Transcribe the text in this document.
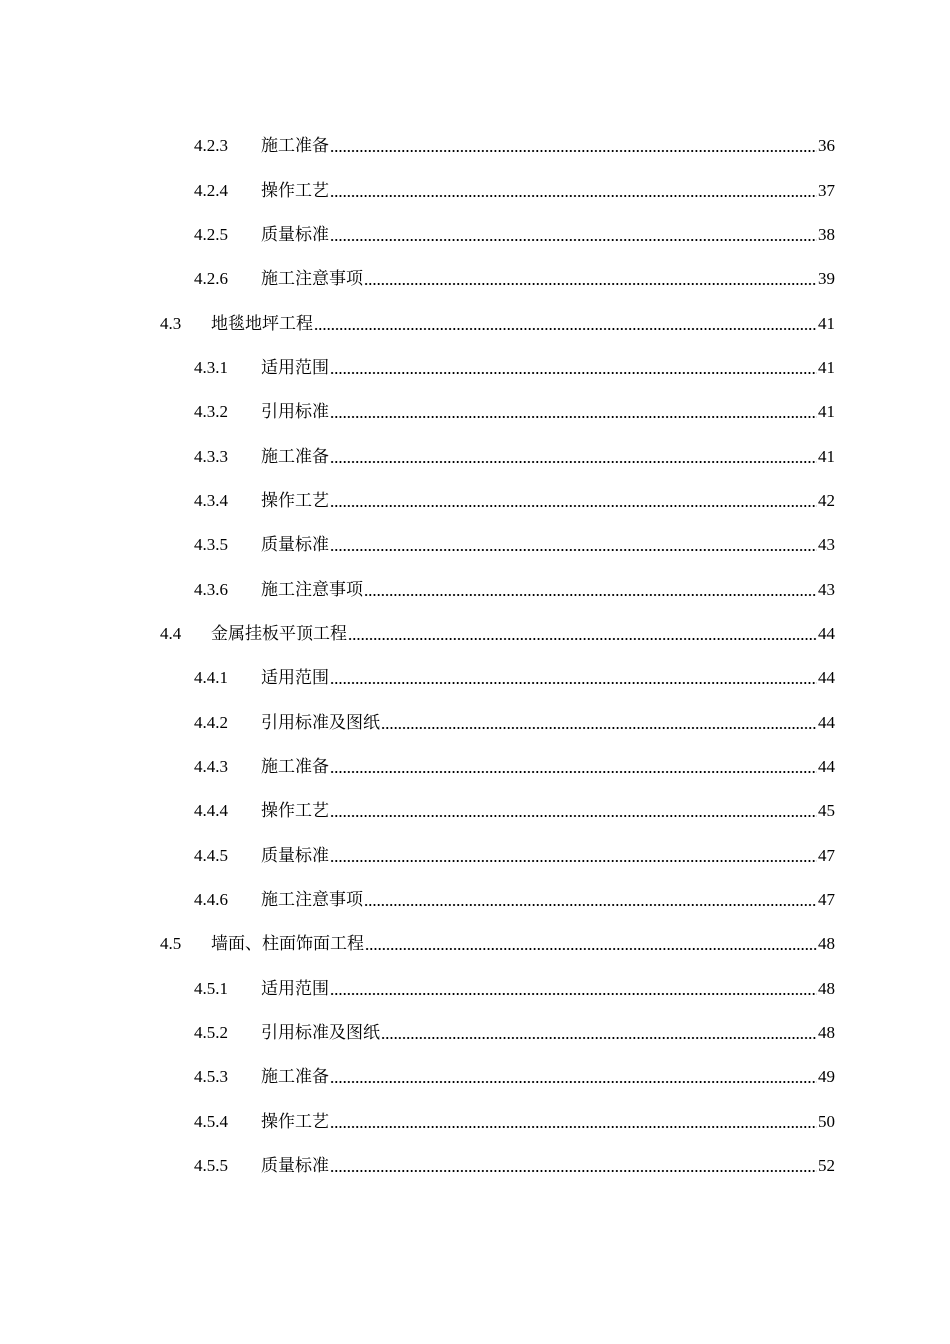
4.2.3	施工准备	36
4.2.4	操作工艺	37
4.2.5	质量标准	38
4.2.6	施工注意事项	39
4.3	地毯地坪工程	41
4.3.1	适用范围	41
4.3.2	引用标准	41
4.3.3	施工准备	41
4.3.4	操作工艺	42
4.3.5	质量标准	43
4.3.6	施工注意事项	43
4.4	金属挂板平顶工程	44
4.4.1	适用范围	44
4.4.2	引用标准及图纸	44
4.4.3	施工准备	44
4.4.4	操作工艺	45
4.4.5	质量标准	47
4.4.6	施工注意事项	47
4.5	墙面、柱面饰面工程	48
4.5.1	适用范围	48
4.5.2	引用标准及图纸	48
4.5.3	施工准备	49
4.5.4	操作工艺	50
4.5.5	质量标准	52
